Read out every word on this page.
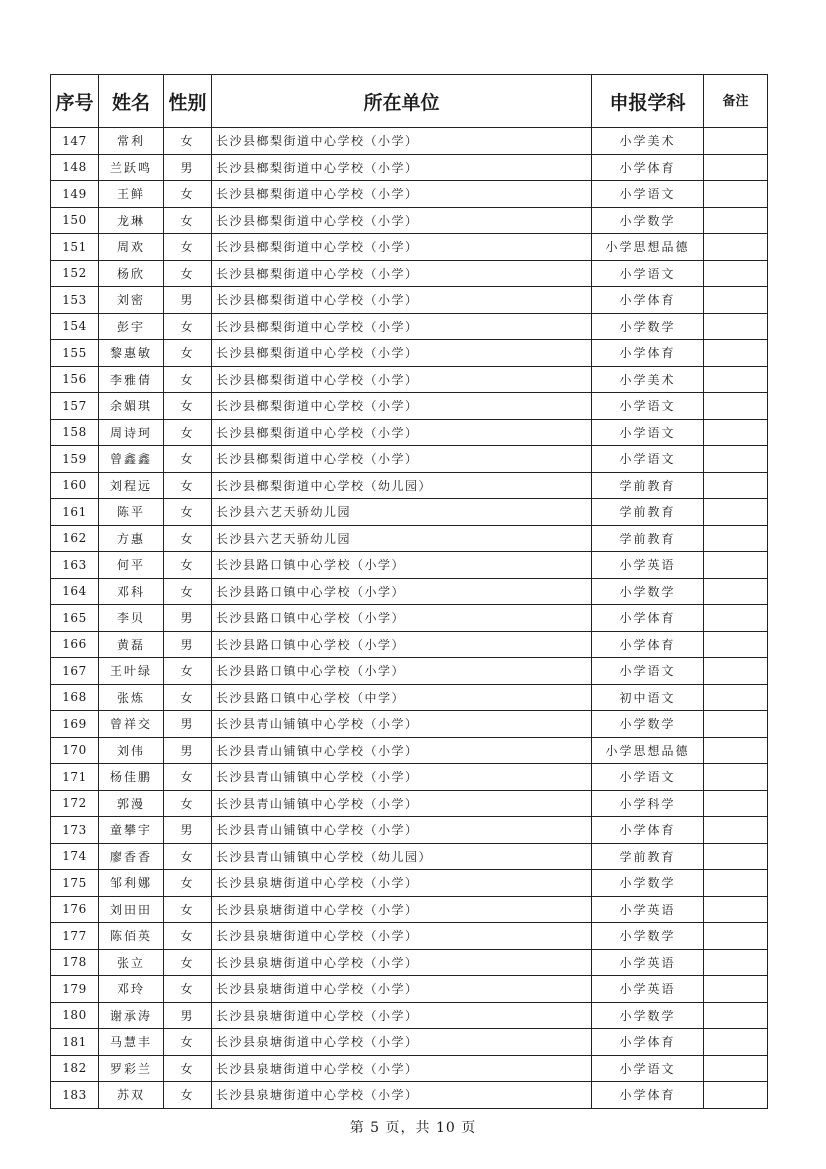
序号	姓名	性别	所在单位	申报学科	备注
147	常利	女	长沙县榔梨街道中心学校（小学）	小学美术	
148	兰跃鸣	男	长沙县榔梨街道中心学校（小学）	小学体育	
149	王鲜	女	长沙县榔梨街道中心学校（小学）	小学语文	
150	龙琳	女	长沙县榔梨街道中心学校（小学）	小学数学	
151	周欢	女	长沙县榔梨街道中心学校（小学）	小学思想品德	
152	杨欣	女	长沙县榔梨街道中心学校（小学）	小学语文	
153	刘密	男	长沙县榔梨街道中心学校（小学）	小学体育	
154	彭宇	女	长沙县榔梨街道中心学校（小学）	小学数学	
155	黎惠敏	女	长沙县榔梨街道中心学校（小学）	小学体育	
156	李雅倩	女	长沙县榔梨街道中心学校（小学）	小学美术	
157	余媚琪	女	长沙县榔梨街道中心学校（小学）	小学语文	
158	周诗珂	女	长沙县榔梨街道中心学校（小学）	小学语文	
159	曾鑫鑫	女	长沙县榔梨街道中心学校（小学）	小学语文	
160	刘程远	女	长沙县榔梨街道中心学校（幼儿园）	学前教育	
161	陈平	女	长沙县六艺天骄幼儿园	学前教育	
162	方惠	女	长沙县六艺天骄幼儿园	学前教育	
163	何平	女	长沙县路口镇中心学校（小学）	小学英语	
164	邓科	女	长沙县路口镇中心学校（小学）	小学数学	
165	李贝	男	长沙县路口镇中心学校（小学）	小学体育	
166	黄磊	男	长沙县路口镇中心学校（小学）	小学体育	
167	王叶绿	女	长沙县路口镇中心学校（小学）	小学语文	
168	张炼	女	长沙县路口镇中心学校（中学）	初中语文	
169	曾祥交	男	长沙县青山铺镇中心学校（小学）	小学数学	
170	刘伟	男	长沙县青山铺镇中心学校（小学）	小学思想品德	
171	杨佳鹏	女	长沙县青山铺镇中心学校（小学）	小学语文	
172	郭漫	女	长沙县青山铺镇中心学校（小学）	小学科学	
173	童攀宇	男	长沙县青山铺镇中心学校（小学）	小学体育	
174	廖香香	女	长沙县青山铺镇中心学校（幼儿园）	学前教育	
175	邹利娜	女	长沙县泉塘街道中心学校（小学）	小学数学	
176	刘田田	女	长沙县泉塘街道中心学校（小学）	小学英语	
177	陈佰英	女	长沙县泉塘街道中心学校（小学）	小学数学	
178	张立	女	长沙县泉塘街道中心学校（小学）	小学英语	
179	邓玲	女	长沙县泉塘街道中心学校（小学）	小学英语	
180	谢承涛	男	长沙县泉塘街道中心学校（小学）	小学数学	
181	马慧丰	女	长沙县泉塘街道中心学校（小学）	小学体育	
182	罗彩兰	女	长沙县泉塘街道中心学校（小学）	小学语文	
183	苏双	女	长沙县泉塘街道中心学校（小学）	小学体育	
第 5 页，共 10 页
